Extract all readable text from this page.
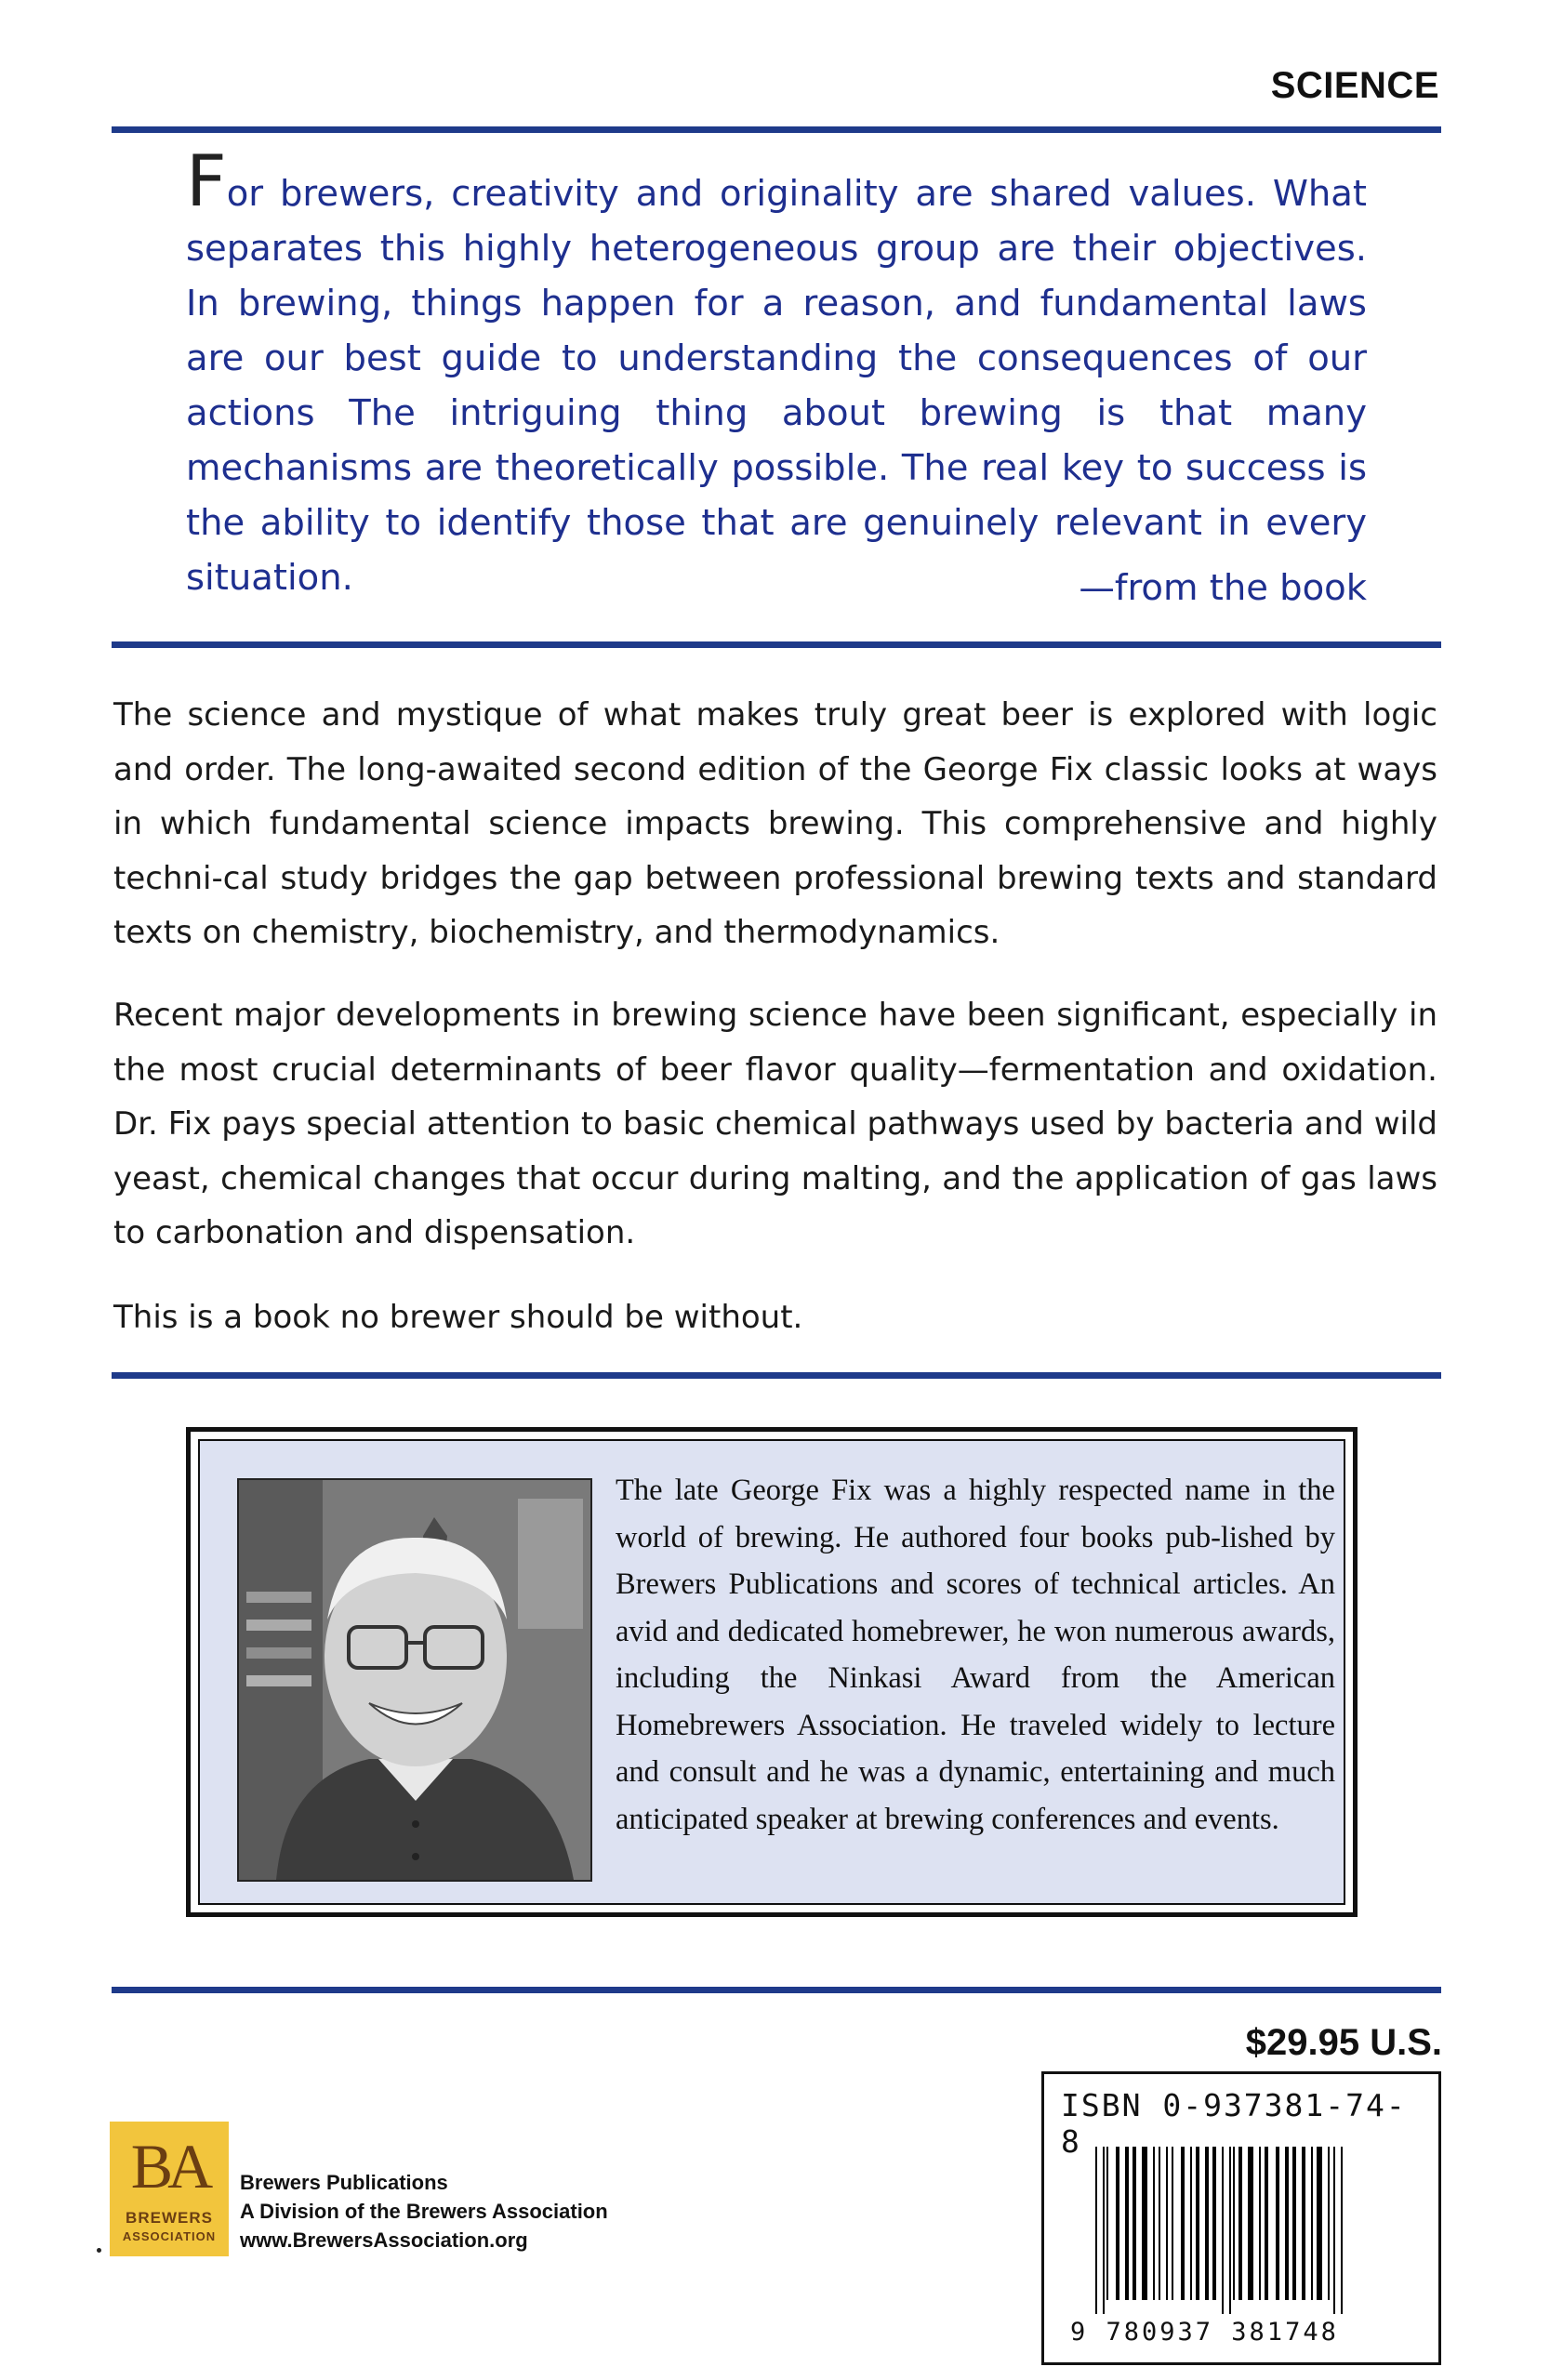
SCIENCE

For brewers, creativity and originality are shared values. What separates this highly heterogeneous group are their objectives. In brewing, things happen for a reason, and fundamental laws are our best guide to understanding the consequences of our actions The intriguing thing about brewing is that many mechanisms are theoretically possible. The real key to success is the ability to identify those that are genuinely relevant in every situation.	—from the book

The science and mystique of what makes truly great beer is explored with logic and order. The long-awaited second edition of the George Fix classic looks at ways in which fundamental science impacts brewing. This comprehensive and highly techni-cal study bridges the gap between professional brewing texts and standard texts on chemistry, biochemistry, and thermodynamics.

Recent major developments in brewing science have been significant, especially in the most crucial determinants of beer flavor quality—fermentation and oxidation. Dr. Fix pays special attention to basic chemical pathways used by bacteria and wild yeast, chemical changes that occur during malting, and the application of gas laws to carbonation and dispensation.

This is a book no brewer should be without.

The late George Fix was a highly respected name in the world of brewing. He authored four books pub-lished by Brewers Publications and scores of technical articles. An avid and dedicated homebrewer, he won numerous awards, including the Ninkasi Award from the American Homebrewers Association. He traveled widely to lecture and consult and he was a dynamic, entertaining and much anticipated speaker at brewing conferences and events.

$29.95 U.S.
ISBN 0-937381-74-8
9 780937 381748
BA
BREWERS
ASSOCIATION
Brewers Publications
A Division of the Brewers Association
www.BrewersAssociation.org
